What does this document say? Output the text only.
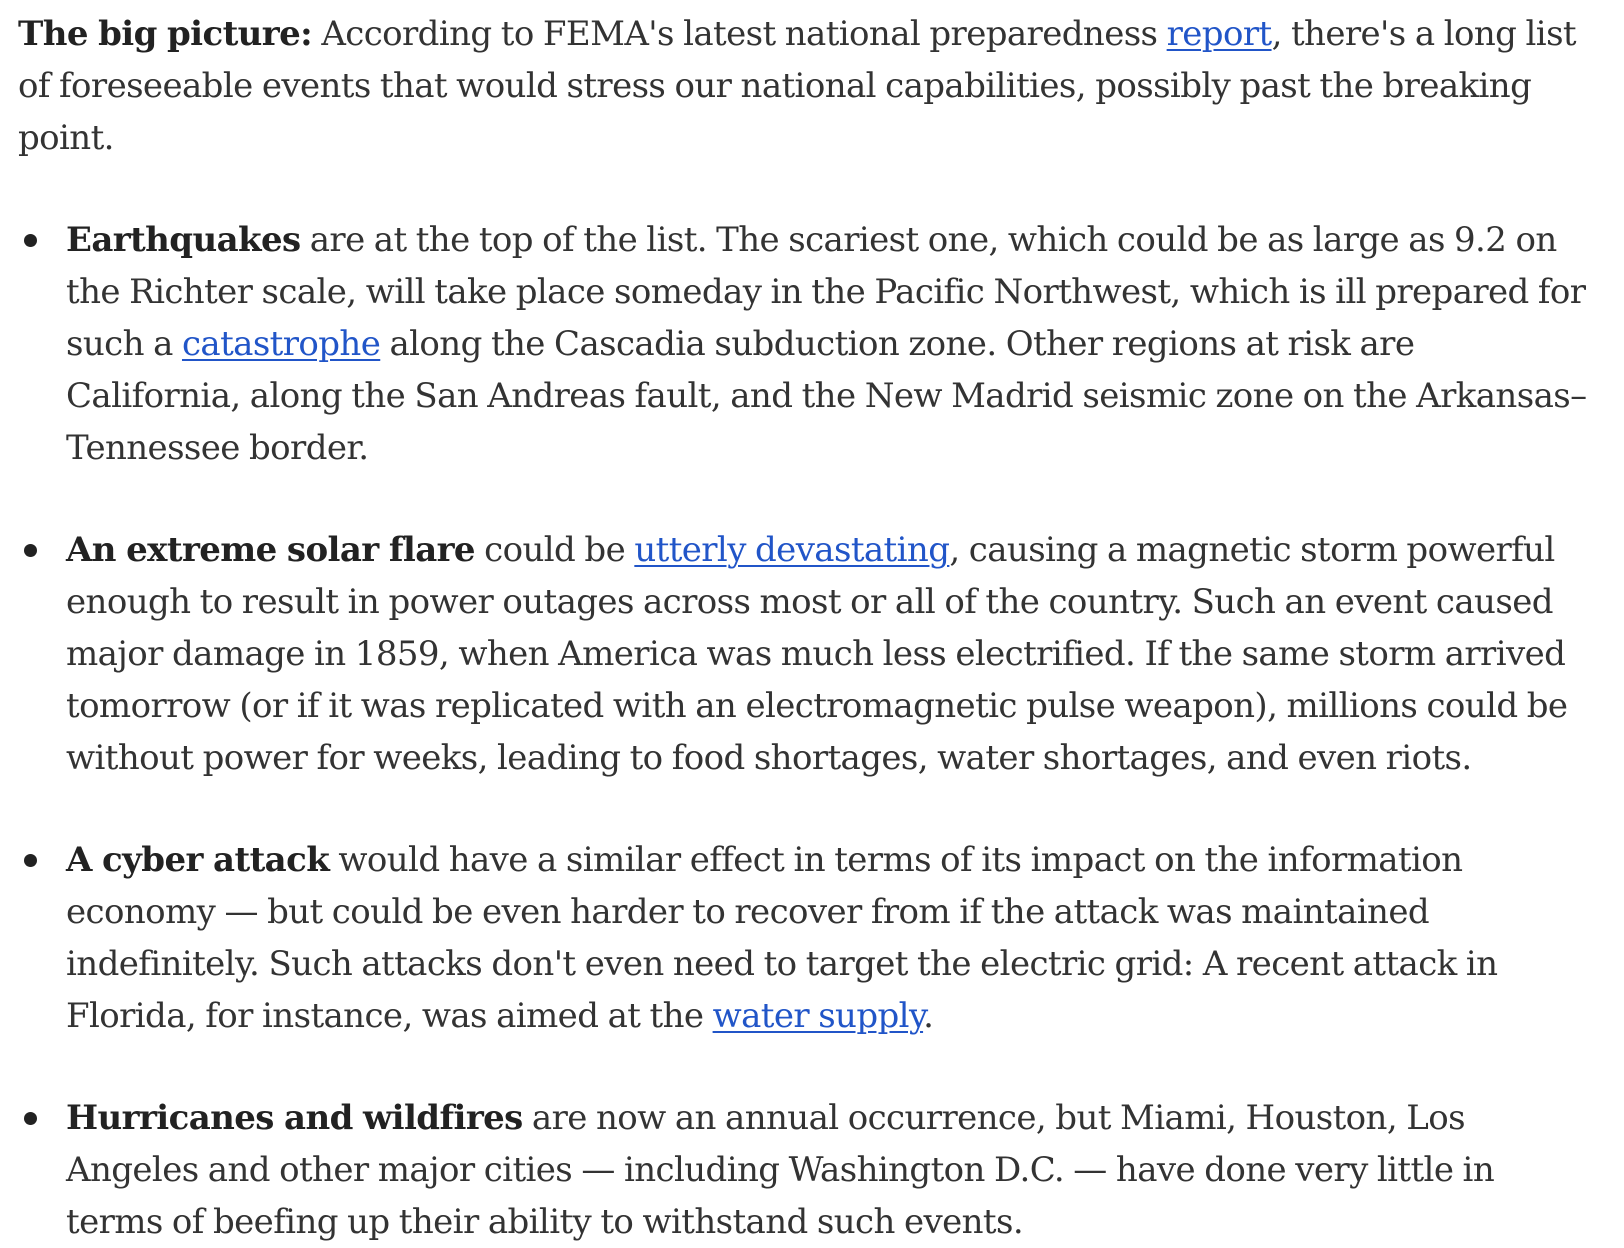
The big picture: According to FEMA's latest national preparedness report, there's a long list of foreseeable events that would stress our national capabilities, possibly past the breaking point.

Earthquakes are at the top of the list. The scariest one, which could be as large as 9.2 on the Richter scale, will take place someday in the Pacific Northwest, which is ill prepared for such a catastrophe along the Cascadia subduction zone. Other regions at risk are California, along the San Andreas fault, and the New Madrid seismic zone on the Arkansas–Tennessee border.
An extreme solar flare could be utterly devastating, causing a magnetic storm powerful enough to result in power outages across most or all of the country. Such an event caused major damage in 1859, when America was much less electrified. If the same storm arrived tomorrow (or if it was replicated with an electromagnetic pulse weapon), millions could be without power for weeks, leading to food shortages, water shortages, and even riots.
A cyber attack would have a similar effect in terms of its impact on the information economy — but could be even harder to recover from if the attack was maintained indefinitely. Such attacks don't even need to target the electric grid: A recent attack in Florida, for instance, was aimed at the water supply.
Hurricanes and wildfires are now an annual occurrence, but Miami, Houston, Los Angeles and other major cities — including Washington D.C. — have done very little in terms of beefing up their ability to withstand such events.
